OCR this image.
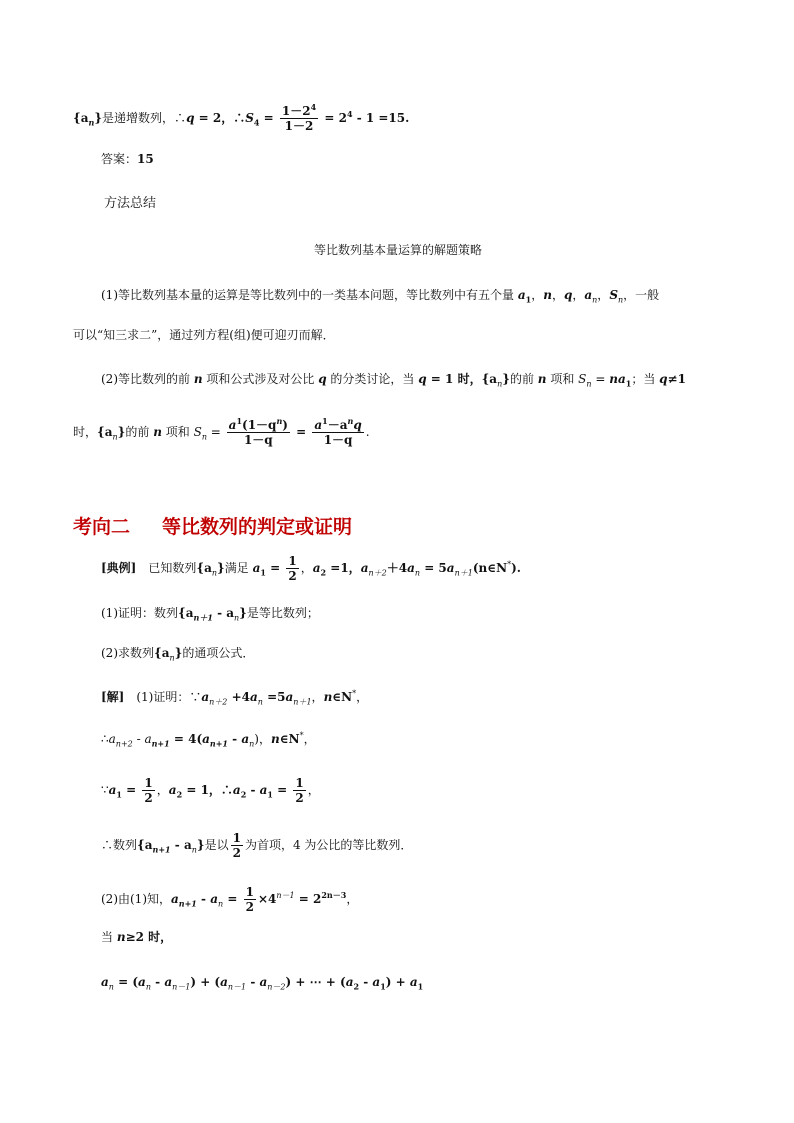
$\{a_n\}$是递增数列，∴q = 2，$\therefore S_4 = \frac{1-2^4}{1-2} = 2^4 - 1 =15$.
答案：15
方法总结
等比数列基本量运算的解题策略
(1)等比数列基本量的运算是等比数列中的一类基本问题，等比数列中有五个量 $a_1$，n，q，$a_n$，$S_n$，一般
可以“知三求二”，通过列方程(组)便可迎刃而解．
(2)等比数列的前 n 项和公式涉及对公比 q 的分类讨论，当 q = 1 时，$\{a_n\}$的前 n 项和 $S_n = na_1$；当 q≠1
时，$\{a_n\}$的前 n 项和 $S_n = \frac{a^1(1-q^n)}{1-q} = \frac{a^1-a^nq}{1-q}$ .
考向二 等比数列的判定或证明
[典例]　已知数列$\{a_n\}$满足 $a_1 = \frac{1}{2}$ ，$a_2 =1$，$a_{n+2}+4a_n$ = $5a_{n+1}(n\in N^*)$.
(1)证明：数列$\{a_{n+1} - a_n\}$是等比数列；
(2)求数列$\{a_n\}$的通项公式．
[解]　(1)证明：$\because a_{n+2} +4a_n =5a_{n+1}$，n∈N*，
$\therefore a_{n+2} - a_{n+1} = 4(a_{n+1} - a_n)$，n∈N*，
$\because a_1 = \frac{1}{2}$ ，$a_2 = 1$，$\therefore a_2 - a_1 = \frac{1}{2}$ ，
∴数列$\{a_{n+1} - a_n\}$是以 $\frac{1}{2}$ 为首项，4 为公比的等比数列．
(2)由(1)知，$a_{n+1} - a_n = \frac{1}{2} \times 4^{n-1} = 2^{2n-3}$，
当 n≥2 时，
$a_n = (a_n - a_{n-1}) + (a_{n-1} - a_{n-2})$ + ⋯ + $(a_2 - a_1) + a_1$
